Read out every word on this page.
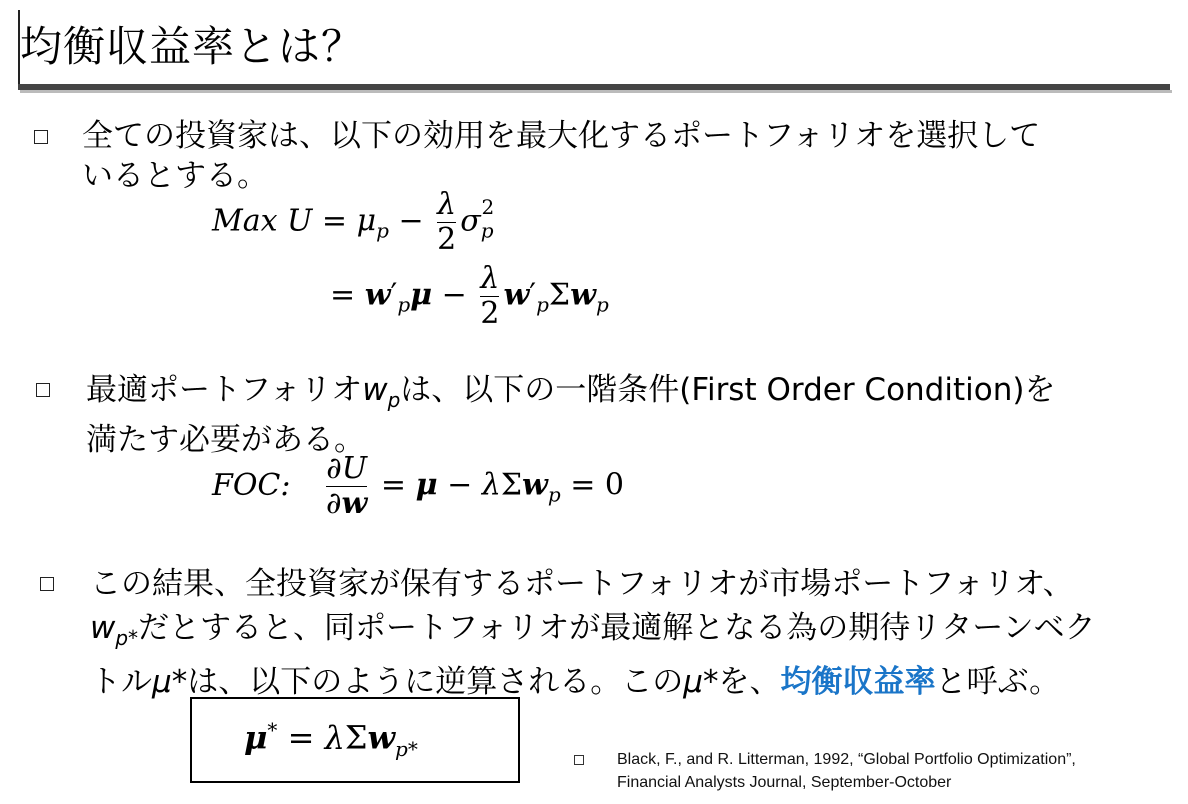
均衡収益率とは？
全ての投資家は、以下の効用を最大化するポートフォリオを選択して
いるとする。
Max $U = \mu_p - \frac{\lambda}{2} \sigma_p^2$
= $w'_p\mu - \frac{\lambda}{2} w'_p\Sigma w_p$
最適ポートフォリオ$w_p$は、以下の一階条件(First Order Condition)を
満たす必要がある。
FOC: $\frac{\partial U}{\partial w} = \mu - \lambda\Sigma w_p = 0$
この結果、全投資家が保有するポートフォリオが市場ポートフォリオ、
$w_{p*}$だとすると、同ポートフォリオが最適解となる為の期待リターンベク
トルμ*は、以下のように逆算される。このμ*を、均衡収益率と呼ぶ。
μ* = λΣw$_{p*}$	Black, F., and R. Litterman, 1992, “Global Portfolio Optimization”,
Financial Analysts Journal, September-October
